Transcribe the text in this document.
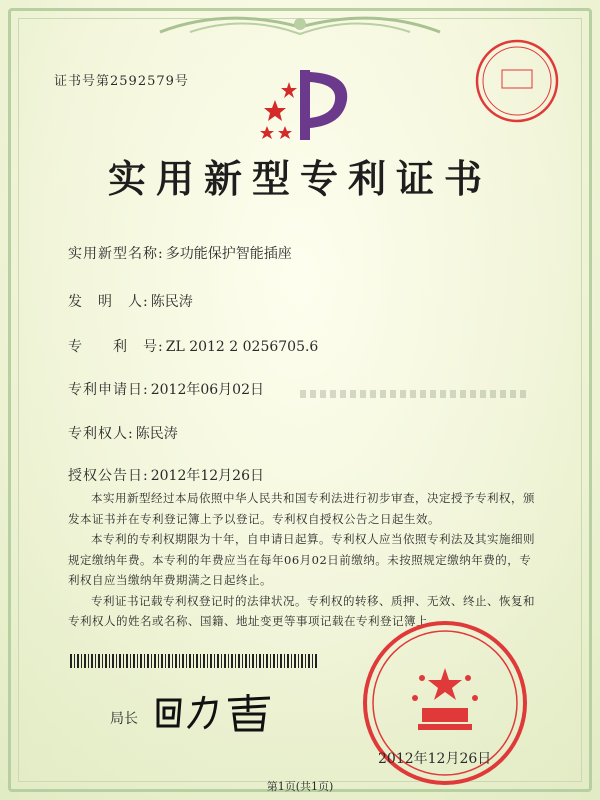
证书号第2592579号
实用新型专利证书
实用新型名称: 多功能保护智能插座
发　明　人: 陈民涛
专　　利　号: ZL 2012 2 0256705.6
专利申请日: 2012年06月02日
专利权人: 陈民涛
授权公告日: 2012年12月26日

本实用新型经过本局依照中华人民共和国专利法进行初步审查，决定授予专利权，颁发本证书并在专利登记簿上予以登记。专利权自授权公告之日起生效。

本专利的专利权期限为十年，自申请日起算。专利权人应当依照专利法及其实施细则规定缴纳年费。本专利的年费应当在每年06月02日前缴纳。未按照规定缴纳年费的，专利权自应当缴纳年费期满之日起终止。

专利证书记载专利权登记时的法律状况。专利权的转移、质押、无效、终止、恢复和专利权人的姓名或名称、国籍、地址变更等事项记载在专利登记簿上。

局长
2012年12月26日
第1页(共1页)
